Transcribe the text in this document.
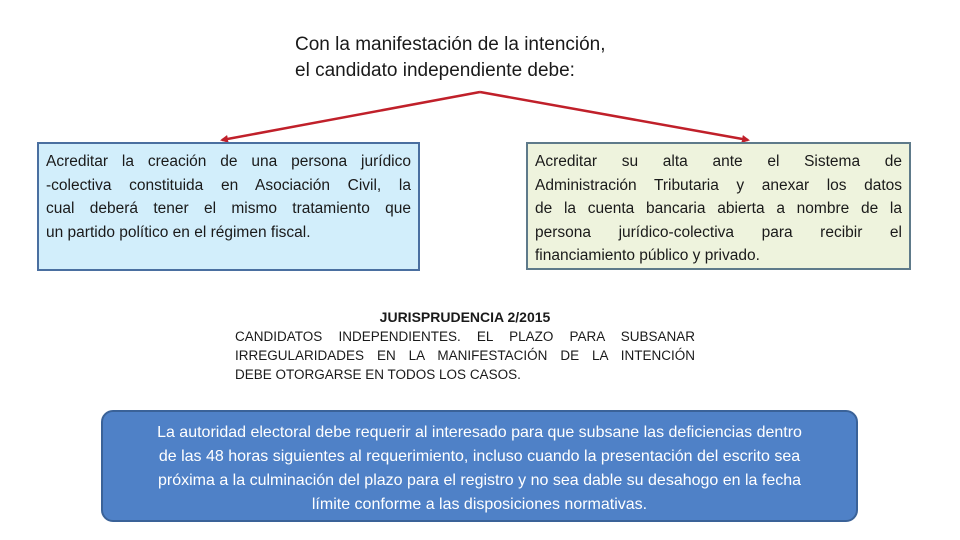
Con la manifestación de la intención,
el candidato independiente debe:
Acreditar la creación de una persona jurídico
-colectiva constituida en Asociación Civil, la
cual deberá tener el mismo tratamiento que
un partido político en el régimen fiscal.
Acreditar su alta ante el Sistema de
Administración Tributaria y anexar los datos
de la cuenta bancaria abierta a nombre de la
persona jurídico-colectiva para recibir el
financiamiento público y privado.
JURISPRUDENCIA 2/2015
CANDIDATOS INDEPENDIENTES. EL PLAZO PARA SUBSANAR
IRREGULARIDADES EN LA MANIFESTACIÓN DE LA INTENCIÓN
DEBE OTORGARSE EN TODOS LOS CASOS.
La autoridad electoral debe requerir al interesado para que subsane las deficiencias dentro
de las 48 horas siguientes al requerimiento, incluso cuando la presentación del escrito sea
próxima a la culminación del plazo para el registro y no sea dable su desahogo en la fecha
límite conforme a las disposiciones normativas.
